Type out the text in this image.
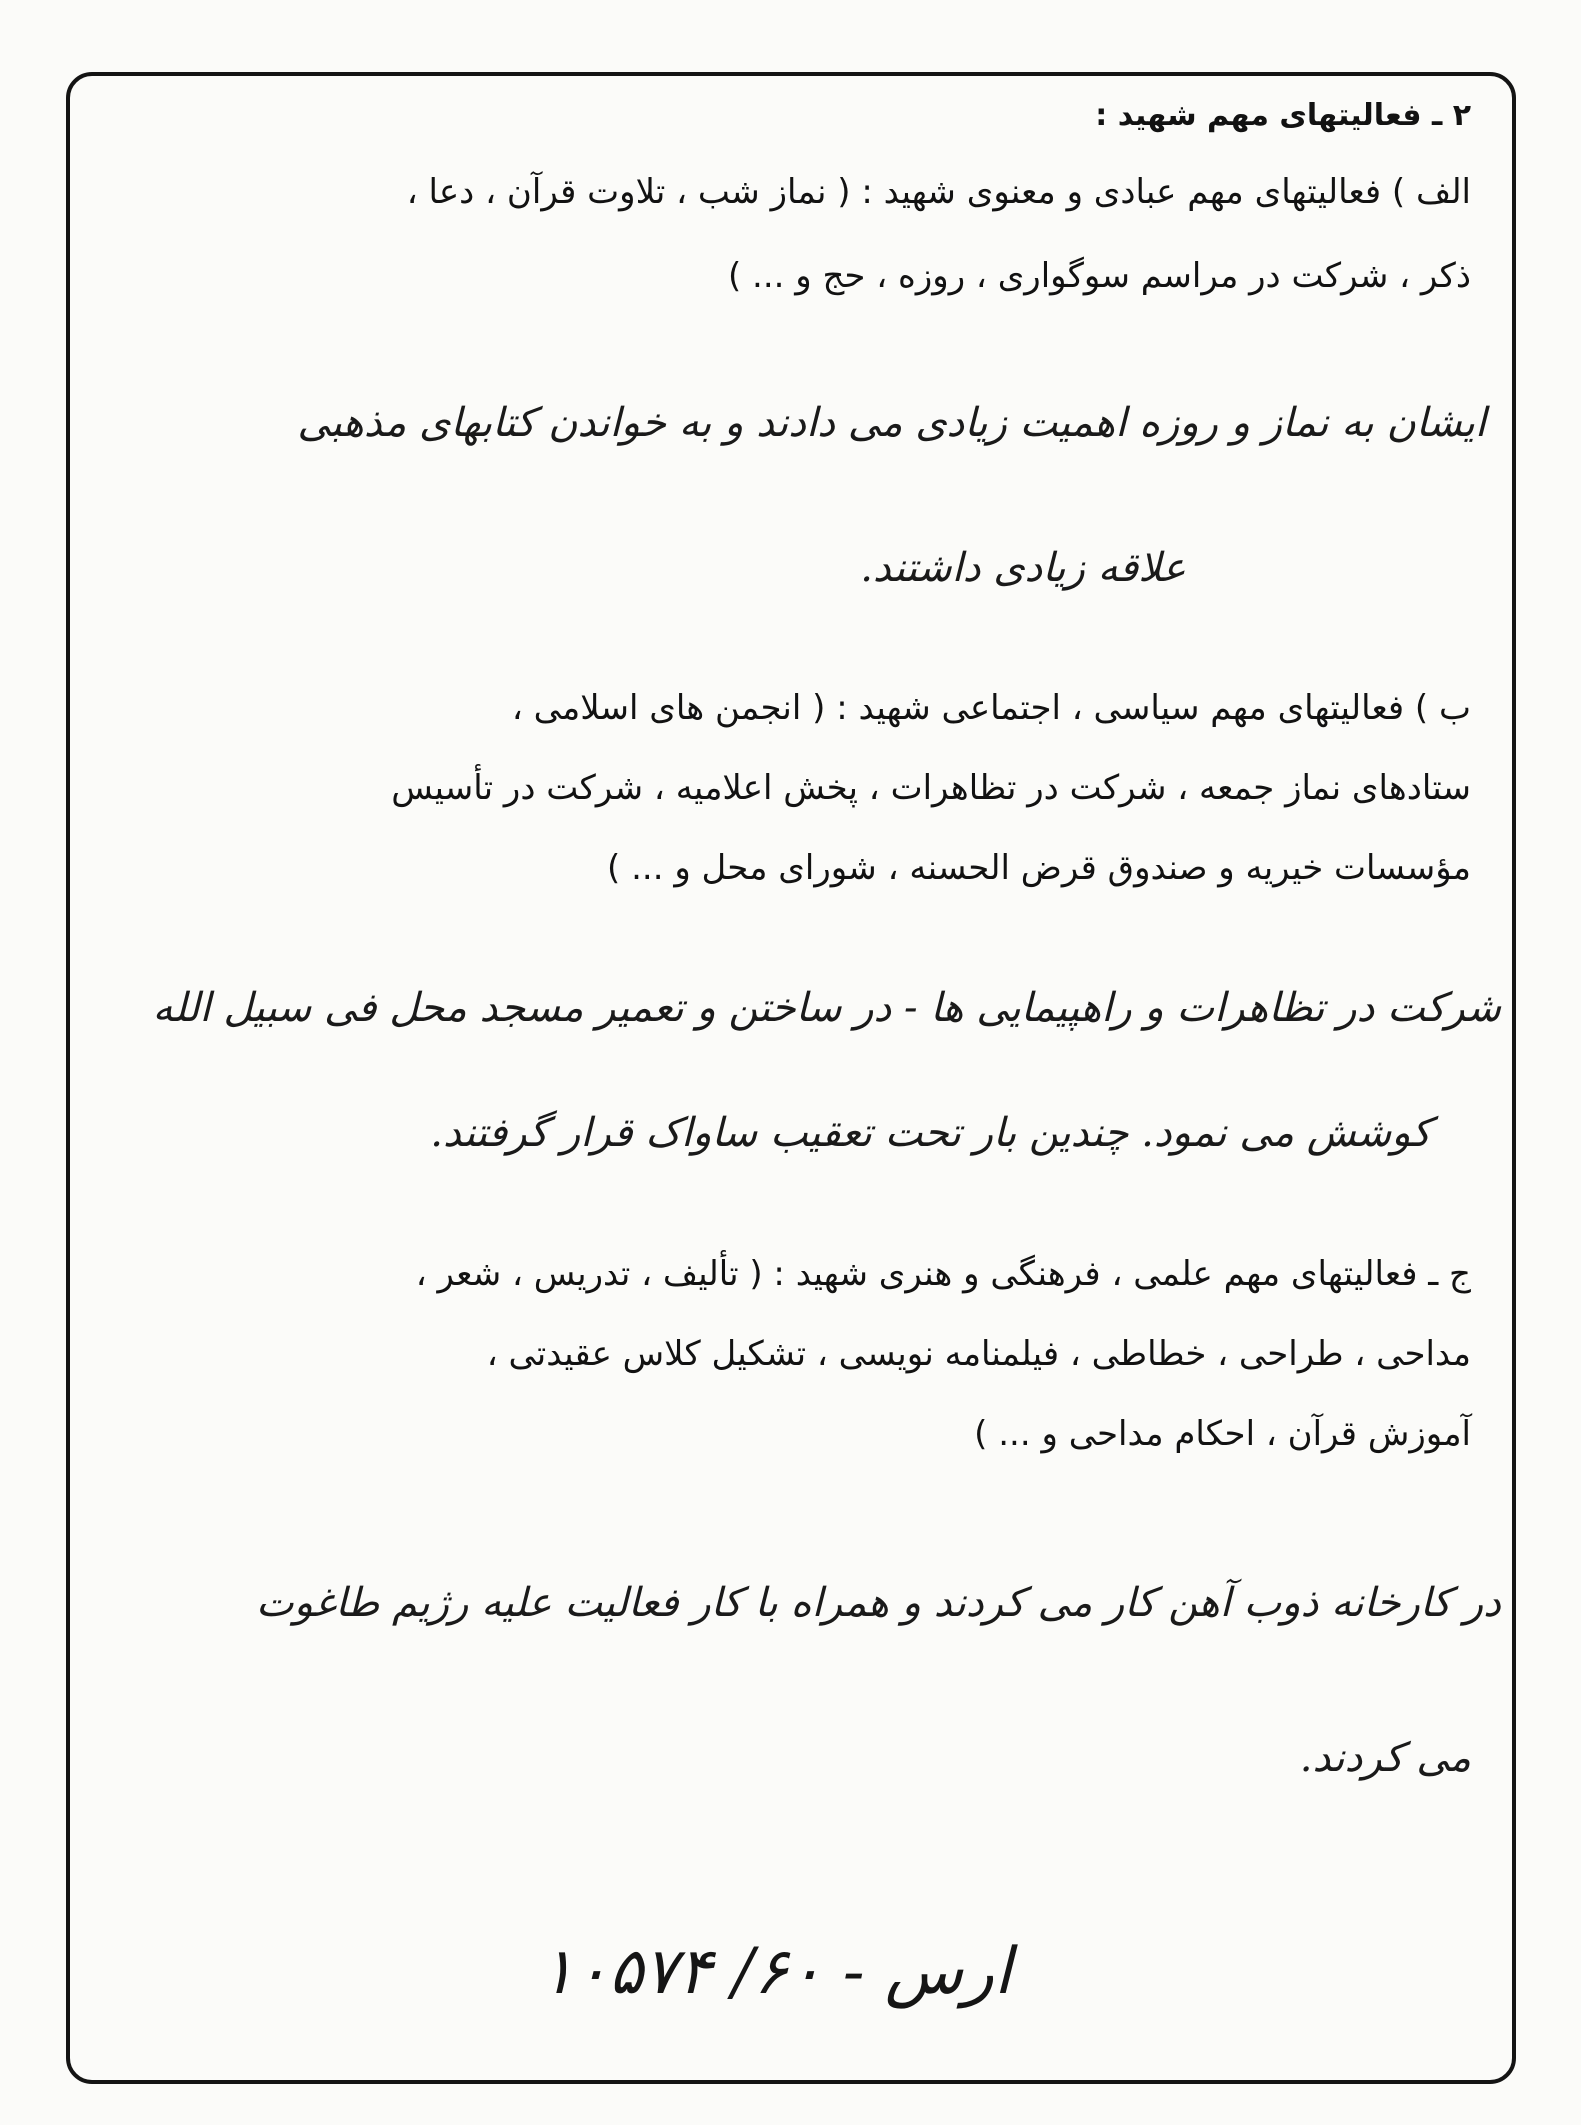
۲ ـ فعالیتهای مهم شهید :

الف ) فعالیتهای مهم عبادی و معنوی شهید : ( نماز شب ، تلاوت قرآن ، دعا ،

ذکر ، شرکت در مراسم سوگواری ، روزه ، حج و ... )

ایشان به نماز و روزه اهمیت زیادی می دادند و به خواندن کتابهای مذهبی

علاقه زیادی داشتند.

ب ) فعالیتهای مهم سیاسی ، اجتماعی شهید : ( انجمن های اسلامی ،

ستادهای نماز جمعه ، شرکت در تظاهرات ، پخش اعلامیه ، شرکت در تأسیس

مؤسسات خیریه و صندوق قرض الحسنه ، شورای محل و ... )

شرکت در تظاهرات و راهپیمایی ها - در ساختن و تعمیر مسجد محل فی سبیل الله

کوشش می نمود. چندین بار تحت تعقیب ساواک قرار گرفتند.

ج ـ فعالیتهای مهم علمی ، فرهنگی و هنری شهید : ( تألیف ، تدریس ، شعر ،

مداحی ، طراحی ، خطاطی ، فیلمنامه نویسی ، تشکیل کلاس عقیدتی ،

آموزش قرآن ، احکام مداحی و ... )

در کارخانه ذوب آهن کار می کردند و همراه با کار فعالیت علیه رژیم طاغوت

می کردند.

ارس - ۶۰/ ۱۰۵۷۴
